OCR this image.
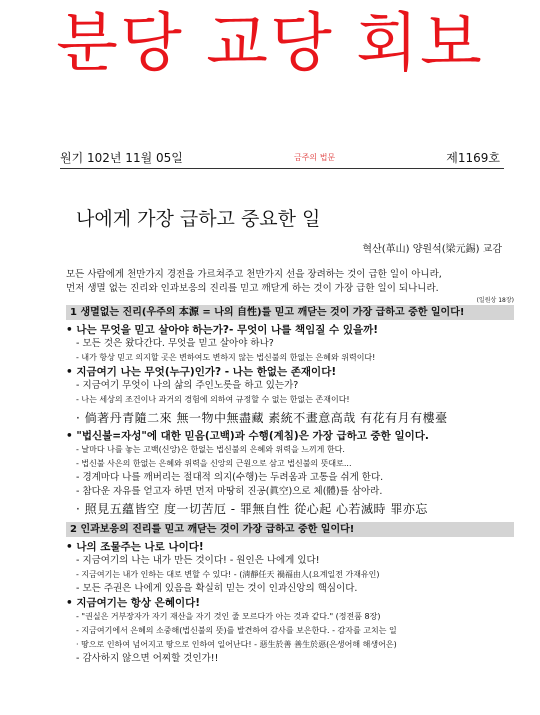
분당 교당 회보
원기 102년 11월 05일	금주의 법문	제1169호
나에게 가장 급하고 중요한 일
혁산(革山) 양원석(梁元錫) 교감
모든 사람에게 천만가지 경전을 가르쳐주고 천만가지 선을 장려하는 것이 급한 일이 아니라,
먼저 생멸 없는 진리와 인과보응의 진리를 믿고 깨닫게 하는 것이 가장 급한 일이 되나니라.
(일원상 18장)
1 생멸없는 진리(우주의 本源 = 나의 自性)를 믿고 깨닫는 것이 가장 급하고 중한 일이다!
• 나는 무엇을 믿고 살아야 하는가?- 무엇이 나를 책임질 수 있을까!
- 모든 것은 왔다간다. 무엇을 믿고 살아야 하나?
- 내가 항상 믿고 의지할 곳은 변하여도 변하지 않는 법신불의 한없는 은혜와 위력이다!
• 지금여기 나는 무엇(누구)인가? - 나는 한없는 존재이다!
- 지금여기 무엇이 나의 삶의 주인노릇을 하고 있는가?
- 나는 세상의 조건이나 과거의 경험에 의하여 규정할 수 없는 한없는 존재이다!
· 倘著丹青隨二來 無一物中無盡藏 素統不畫意高哉 有花有月有樓臺
• "법신불=자성"에 대한 믿음(고백)과 수행(계침)은 가장 급하고 중한 일이다.
- 날마다 나를 놓는 고백(신앙)은 한없는 법신불의 은혜와 위력을 느끼게 한다.
- 법신불 사은의 한없는 은혜와 위력을 신앙의 근원으로 삼고 법신불의 뜻대로...
- 경계마다 나를 깨버리는 절대적 의지(수행)는 두려움과 고통을 쉬게 한다.
- 참다운 자유를 얻고자 하면 먼저 마땅히 진공(眞空)으로 체(體)를 삼아라.
· 照見五蘊皆空 度一切苦厄 - 罪無自性 從心起 心若滅時 罪亦忘
2 인과보응의 진리를 믿고 깨닫는 것이 가장 급하고 중한 일이다!
• 나의 조물주는 나로 나이다!
- 지금여기의 나는 내가 만든 것이다! - 원인은 나에게 있다!
- 지금여기는 내가 인하는 대로 변할 수 있다! - (淸靜任天 禍福由人(요계일전 가재유인)
- 모든 주권은 나에게 있음을 확실히 믿는 것이 인과신앙의 핵심이다.
• 지금여기는 항상 은혜이다!
- "권실은 거부장자가 자기 재산을 자기 것인 줄 모르다가 아는 것과 같다." (정전품 8장)
- 지금여기에서 은혜의 소중해(법신불의 뜻)를 발견하여 감사를 보은한다. - 감자를 고치는 일
· 땅으로 인하여 넘어지고 땅으로 인하여 일어난다! - 惡生於善 善生於惡(은생어해 해생어은)
- 감사하지 않으면 어찌할 것인가!!
